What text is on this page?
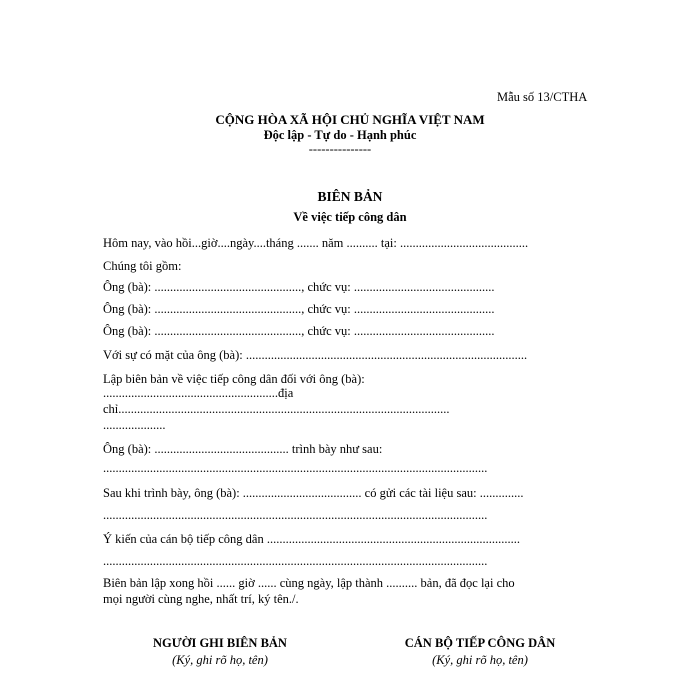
Mẫu số 13/CTHA
CỘNG HÒA XÃ HỘI CHỦ NGHĨA VIỆT NAM
Độc lập - Tự do - Hạnh phúc
---------------
BIÊN BẢN
Về việc tiếp công dân
Hôm nay, vào hồi...giờ....ngày....tháng ....... năm .......... tại: .........................................
Chúng tôi gồm:
Ông (bà): ..............................................., chức vụ: .............................................
Ông (bà): ..............................................., chức vụ: .............................................
Ông (bà): ..............................................., chức vụ: .............................................
Với sự có mặt của ông (bà): ..........................................................................................
Lập biên bản về việc tiếp công dân đối với ông (bà):
........................................................địa
chỉ..........................................................................................................
....................
Ông (bà): ........................................... trình bày như sau:
...........................................................................................................................
Sau khi trình bày, ông (bà): ...................................... có gửi các tài liệu sau: ..............
...........................................................................................................................
Ý kiến của cán bộ tiếp công dân .................................................................................
...........................................................................................................................
Biên bản lập xong hồi ...... giờ ...... cùng ngày, lập thành .......... bản, đã đọc lại cho
mọi người cùng nghe, nhất trí, ký tên./.
NGƯỜI GHI BIÊN BẢN
(Ký, ghi rõ họ, tên)
CÁN BỘ TIẾP CÔNG DÂN
(Ký, ghi rõ họ, tên)
